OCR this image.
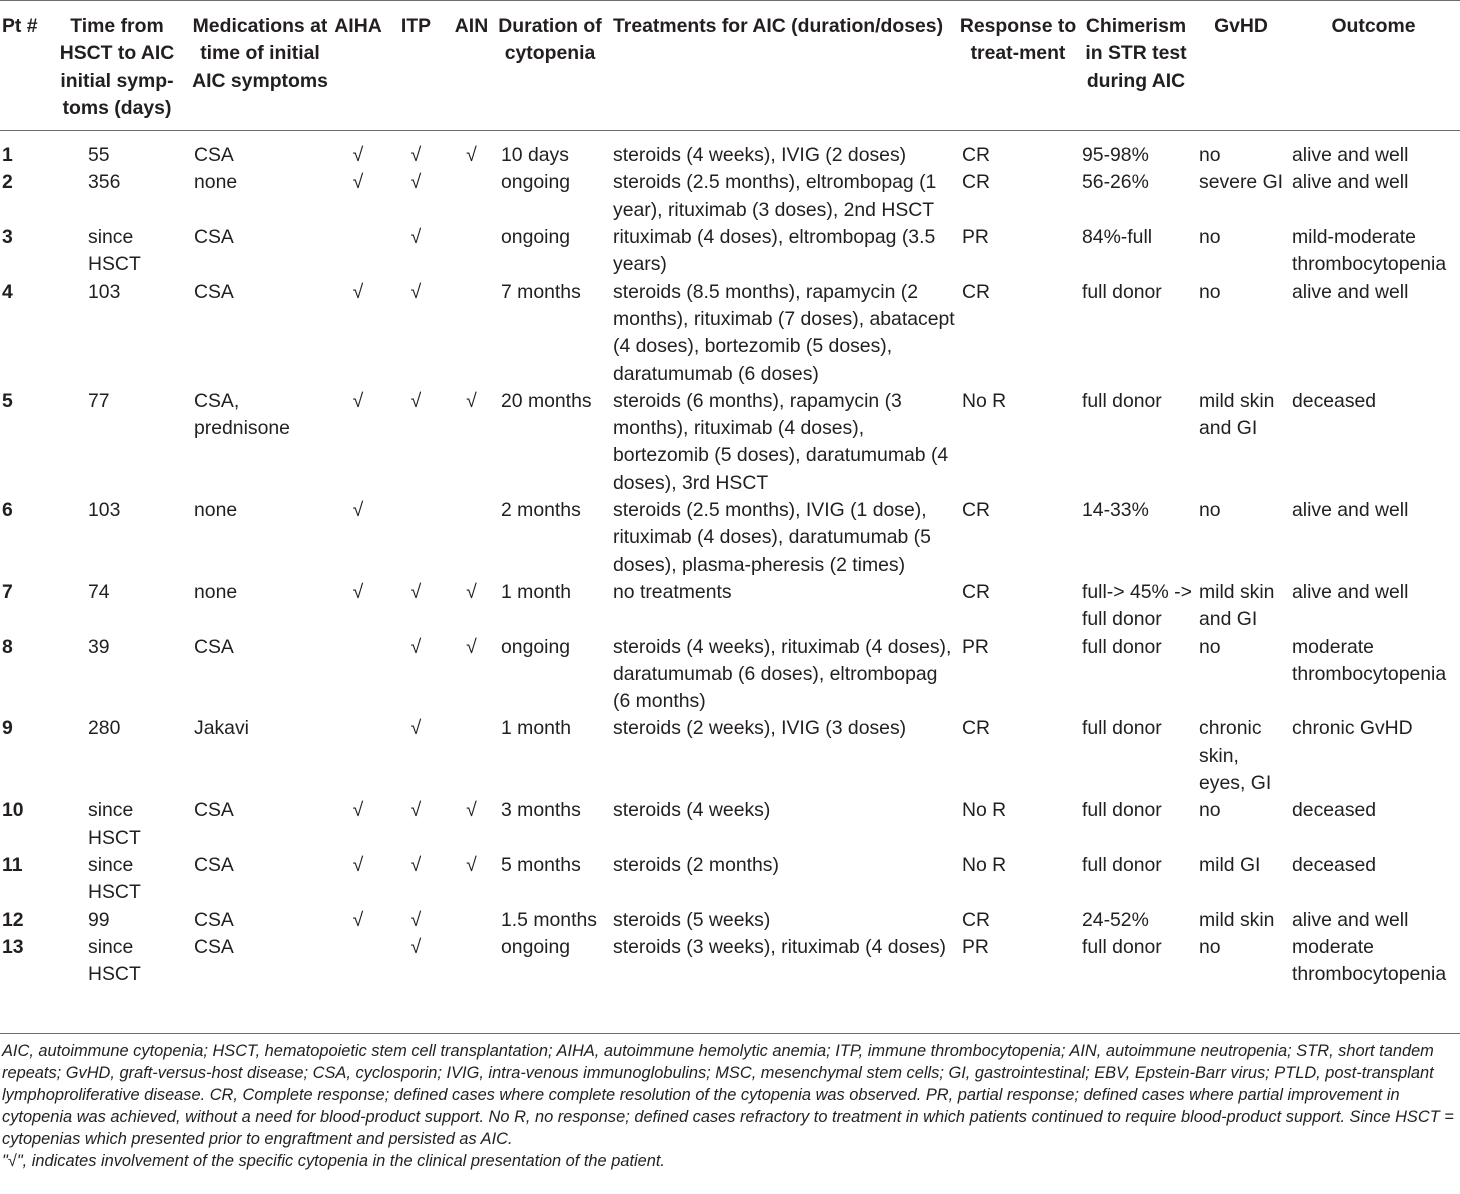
Pt #	Time from HSCT to AIC initial symp-toms (days)	Medications at time of initial AIC symptoms	AIHA	ITP	AIN	Duration of cytopenia	Treatments for AIC (duration/doses)	Response to treat-ment	Chimerism in STR test during AIC	GvHD	Outcome
1	55	CSA	√	√	√	10 days	steroids (4 weeks), IVIG (2 doses)	CR	95-98%	no	alive and well
2	356	none	√	√		ongoing	steroids (2.5 months), eltrombopag (1 year), rituximab (3 doses), 2nd HSCT	CR	56-26%	severe GI	alive and well
3	since HSCT	CSA		√		ongoing	rituximab (4 doses), eltrombopag (3.5 years)	PR	84%-full	no	mild-moderate thrombocytopenia
4	103	CSA	√	√		7 months	steroids (8.5 months), rapamycin (2 months), rituximab (7 doses), abatacept (4 doses), bortezomib (5 doses), daratumumab (6 doses)	CR	full donor	no	alive and well
5	77	CSA, prednisone	√	√	√	20 months	steroids (6 months), rapamycin (3 months), rituximab (4 doses), bortezomib (5 doses), daratumumab (4 doses), 3rd HSCT	No R	full donor	mild skin and GI	deceased
6	103	none	√			2 months	steroids (2.5 months), IVIG (1 dose), rituximab (4 doses), daratumumab (5 doses), plasma-pheresis (2 times)	CR	14-33%	no	alive and well
7	74	none	√	√	√	1 month	no treatments	CR	full-> 45% -> full donor	mild skin and GI	alive and well
8	39	CSA		√	√	ongoing	steroids (4 weeks), rituximab (4 doses), daratumumab (6 doses), eltrombopag (6 months)	PR	full donor	no	moderate thrombocytopenia
9	280	Jakavi		√		1 month	steroids (2 weeks), IVIG (3 doses)	CR	full donor	chronic skin, eyes, GI	chronic GvHD
10	since HSCT	CSA	√	√	√	3 months	steroids (4 weeks)	No R	full donor	no	deceased
11	since HSCT	CSA	√	√	√	5 months	steroids (2 months)	No R	full donor	mild GI	deceased
12	99	CSA	√	√		1.5 months	steroids (5 weeks)	CR	24-52%	mild skin	alive and well
13	since HSCT	CSA		√		ongoing	steroids (3 weeks), rituximab (4 doses)	PR	full donor	no	moderate thrombocytopenia

AIC, autoimmune cytopenia; HSCT, hematopoietic stem cell transplantation; AIHA, autoimmune hemolytic anemia; ITP, immune thrombocytopenia; AIN, autoimmune neutropenia; STR, short tandem repeats; GvHD, graft-versus-host disease; CSA, cyclosporin; IVIG, intra-venous immunoglobulins; MSC, mesenchymal stem cells; GI, gastrointestinal; EBV, Epstein-Barr virus; PTLD, post-transplant lymphoproliferative disease. CR, Complete response; defined cases where complete resolution of the cytopenia was observed. PR, partial response; defined cases where partial improvement in cytopenia was achieved, without a need for blood-product support. No R, no response; defined cases refractory to treatment in which patients continued to require blood-product support. Since HSCT = cytopenias which presented prior to engraftment and persisted as AIC.

"√", indicates involvement of the specific cytopenia in the clinical presentation of the patient.
